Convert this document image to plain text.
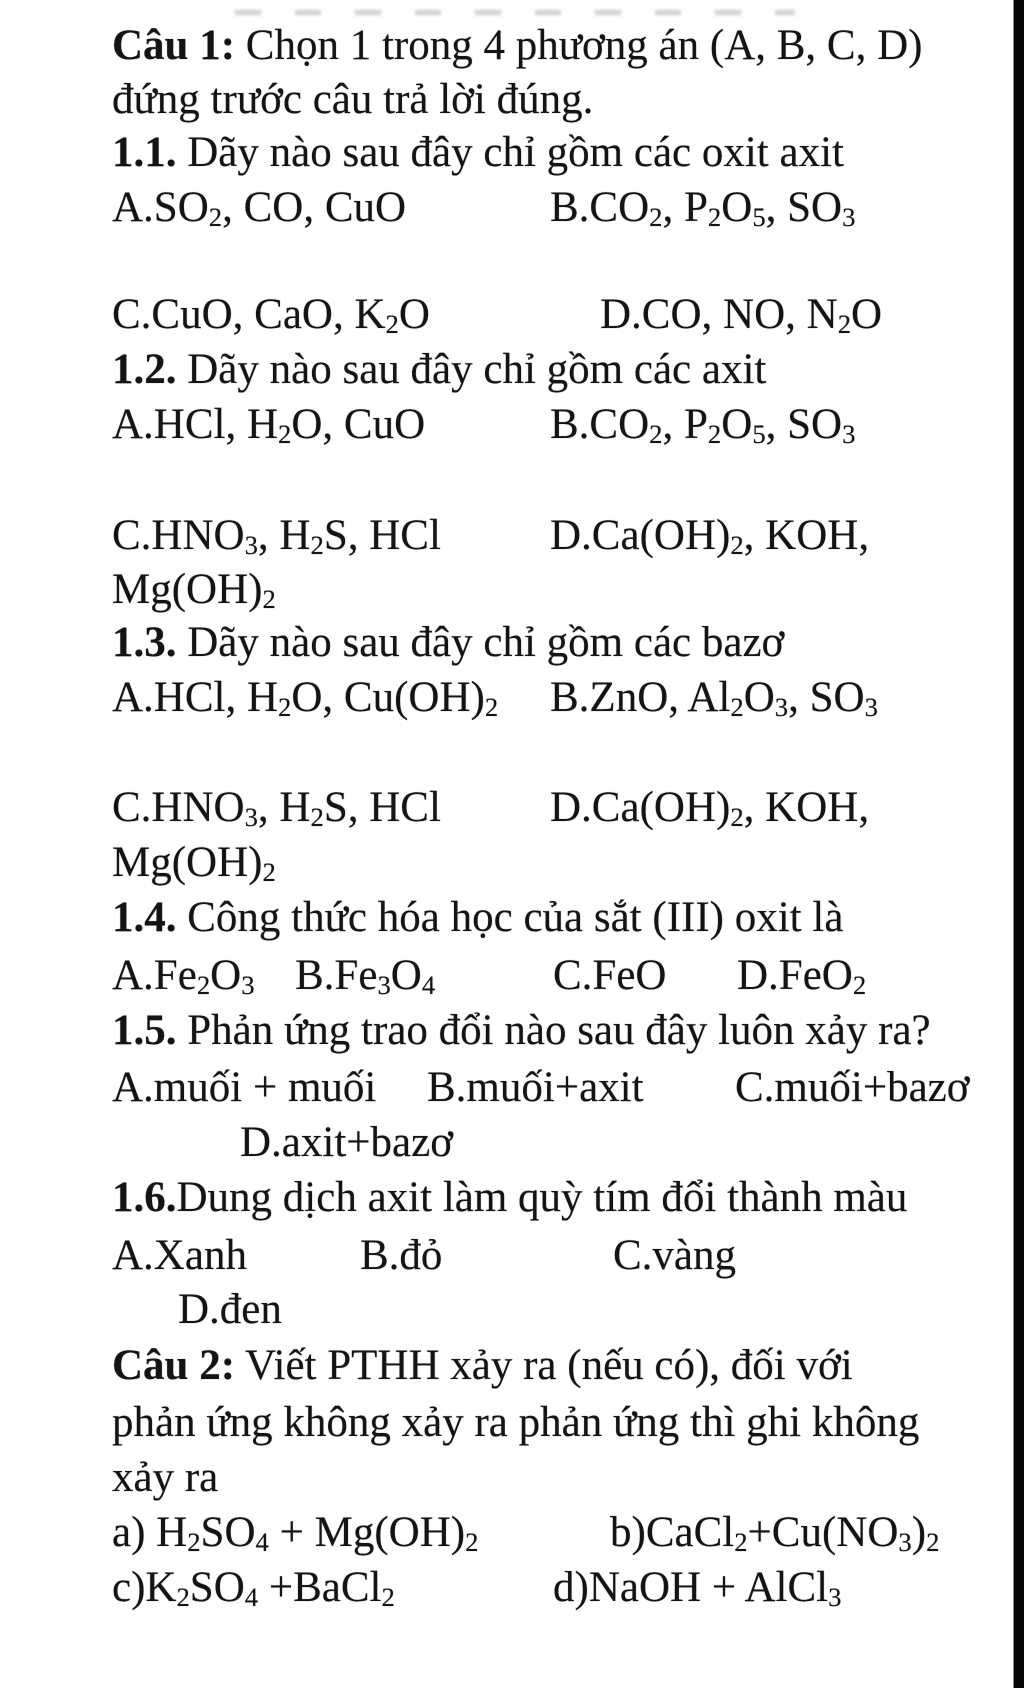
Câu 1: Chọn 1 trong 4 phương án (A, B, C, D)
đứng trước câu trả lời đúng.
1.1. Dãy nào sau đây chỉ gồm các oxit axit
$A.SO_2$, CO, CuO	$B.CO_2$, $P_2O_5$, $SO_3$
C.CuO, CaO, $K_2O$	D.CO, NO, $N_2O$
1.2. Dãy nào sau đây chỉ gồm các axit
A.HCl, $H_2O$, CuO	$B.CO_2$, $P_2O_5$, $SO_3$
$C.HNO_3$, $H_2S$, HCl	$D.Ca(OH)_2$, KOH,
$Mg(OH)_2$
1.3. Dãy nào sau đây chỉ gồm các bazơ
A.HCl, $H_2O$, $Cu(OH)_2$ B.ZnO, $Al_2O_3$, $SO_3$
$C.HNO_3$, $H_2S$, HCl	$D.Ca(OH)_2$, KOH,
$Mg(OH)_2$
1.4. Công thức hóa học của sắt (III) oxit là
$A.Fe_2O_3$ $B.Fe_3O_4$	C.FeO D.FeO$_2$
1.5. Phản ứng trao đổi nào sau đây luôn xảy ra?
A.muối + muối B.muối+axit C.muối+bazơ
D.axit+bazơ
1.6.Dung dịch axit làm quỳ tím đổi thành màu
A.Xanh	B.đỏ	C.vàng
D.đen
Câu 2: Viết PTHH xảy ra (nếu có), đối với
phản ứng không xảy ra phản ứng thì ghi không
xảy ra
a) $H_2SO_4 + Mg(OH)_2$	$b)CaCl_2+Cu(NO_3)_2$
$c)K_2SO_4$ +BaCl$_2$	d)NaOH + AlCl$_3$
